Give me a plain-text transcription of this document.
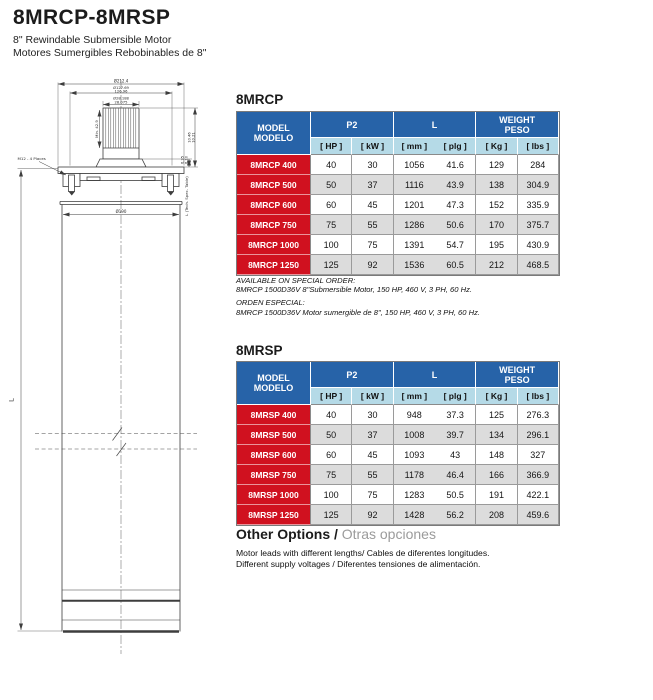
8MRCP-8MRSP
8" Rewindable Submersible Motor
Motores Sumergibles Rebobinables de 8"
Ø212.4
Ø127.69
126.96
Ø28.188
28.075
Min. 42.9
M12 - 4 Places
10.46 10.21
6.35 6.10
L (Tech. Spec. Table)
Ø190
L
8MRCP
MODEL
MODELO
P2	L	WEIGHT
PESO
[ HP ]	[ kW ]	[ mm ]	[ plg ]	[ Kg ]	[ lbs ]
8MRCP 400	40	30	1056	41.6	129	284
8MRCP 500	50	37	1116	43.9	138	304.9
8MRCP 600	60	45	1201	47.3	152	335.9
8MRCP 750	75	55	1286	50.6	170	375.7
8MRCP 1000	100	75	1391	54.7	195	430.9
8MRCP 1250	125	92	1536	60.5	212	468.5

AVAILABLE ON SPECIAL ORDER:
8MRCP 1500D36V 8"Submersible Motor, 150 HP, 460 V, 3 PH, 60 Hz.

ORDEN ESPECIAL:
8MRCP 1500D36V Motor sumergible de 8", 150 HP, 460 V, 3 PH, 60 Hz.

8MRSP
MODEL
MODELO
P2	L	WEIGHT
PESO
[ HP ]	[ kW ]	[ mm ]	[ plg ]	[ Kg ]	[ lbs ]
8MRSP 400	40	30	948	37.3	125	276.3
8MRSP 500	50	37	1008	39.7	134	296.1
8MRSP 600	60	45	1093	43	148	327
8MRSP 750	75	55	1178	46.4	166	366.9
8MRSP 1000	100	75	1283	50.5	191	422.1
8MRSP 1250	125	92	1428	56.2	208	459.6
Other Options / Otras opciones
Motor leads with different lengths/ Cables de diferentes longitudes.
Different supply voltages / Diferentes tensiones de alimentación.
